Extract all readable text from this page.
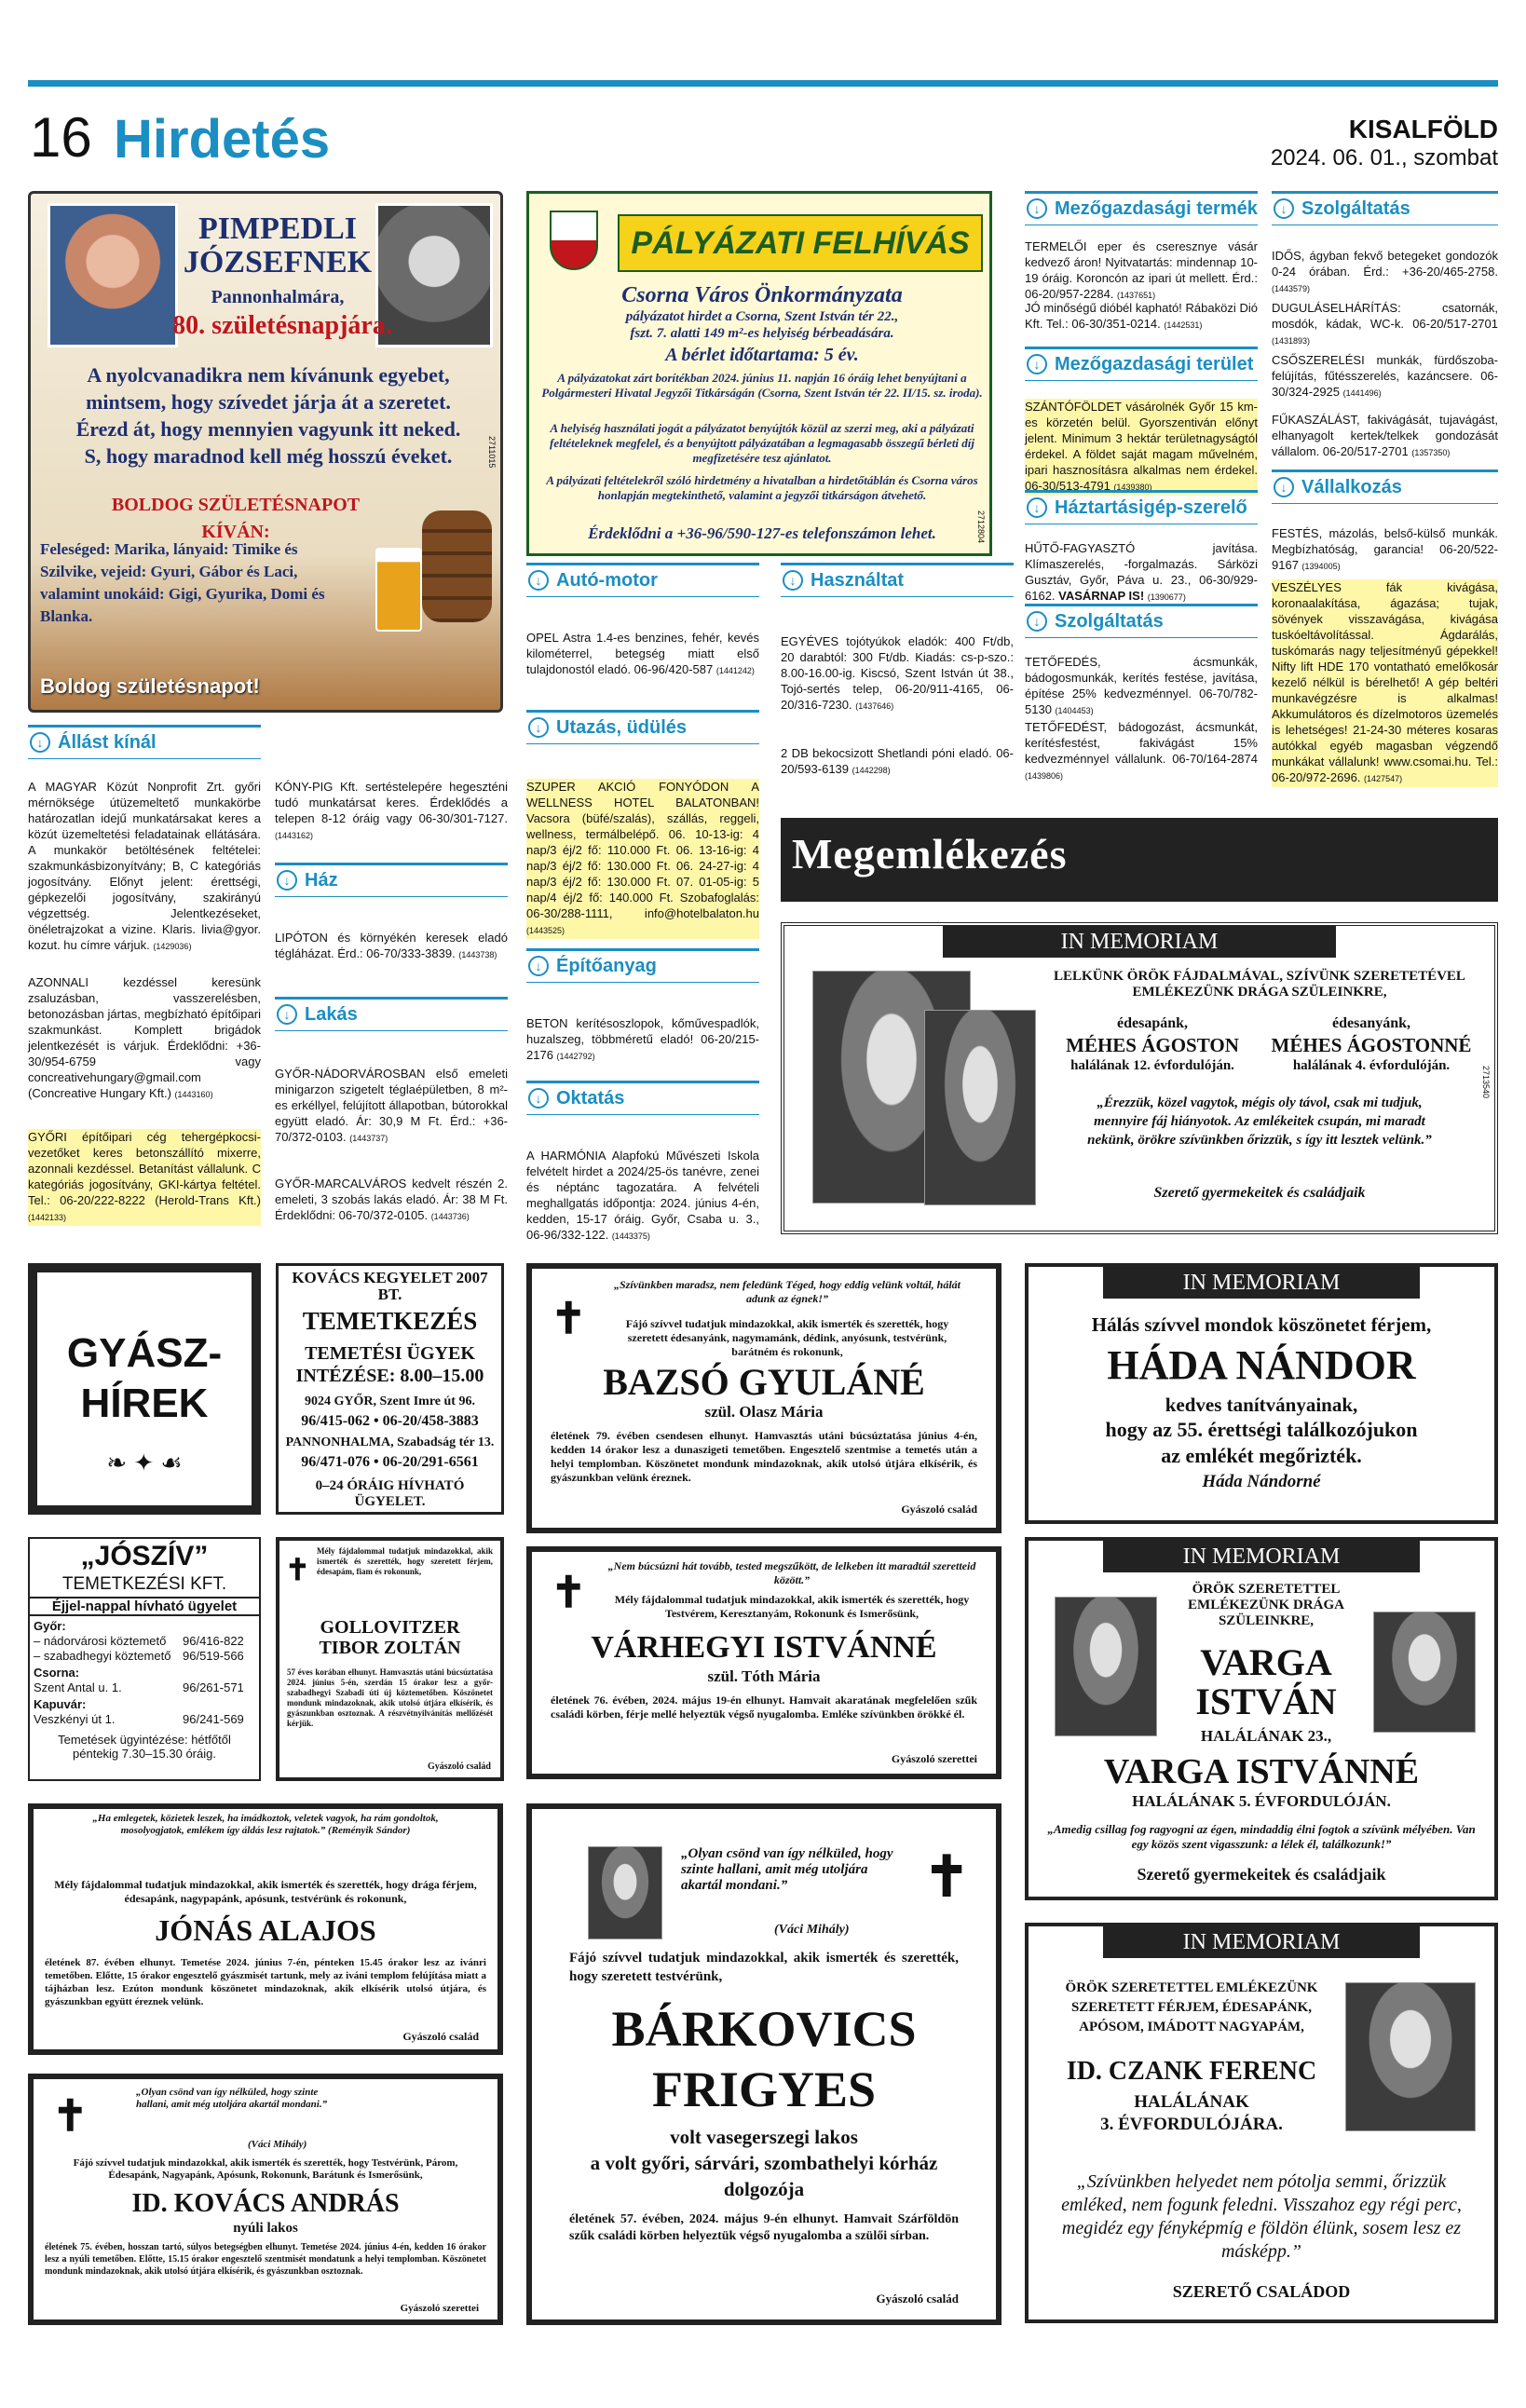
16 Hirdetés	KISALFÖLD
2024. 06. 01., szombat
PIMPEDLI JÓZSEFNEK
Pannonhalmára,
80. születésnapjára.
A nyolcvanadikra nem kívánunk egyebet,
mintsem, hogy szívedet járja át a szeretet.
Érezd át, hogy mennyien vagyunk itt neked.
S, hogy maradnod kell még hosszú éveket.
BOLDOG SZÜLETÉSNAPOT KÍVÁN:
Feleséged: Marika, lányaid: Timike és Szilvike, vejeid: Gyuri, Gábor és Laci, valamint unokáid: Gigi, Gyurika, Domi és Blanka.
Boldog születésnapot!
2711015
PÁLYÁZATI FELHÍVÁS
Csorna Város Önkormányzata
pályázatot hirdet a Csorna, Szent István tér 22.,
fszt. 7. alatti 149 m²-es helyiség bérbeadására.
A bérlet időtartama: 5 év.
A pályázatokat zárt borítékban 2024. június 11. napján 16 óráig lehet benyújtani a Polgármesteri Hivatal Jegyzői Titkárságán (Csorna, Szent István tér 22. II/15. sz. iroda).
A helyiség használati jogát a pályázatot benyújtók közül az szerzi meg, aki a pályázati feltételeknek megfelel, és a benyújtott pályázatában a legmagasabb összegű bérleti díj megfizetésére tesz ajánlatot.
A pályázati feltételekről szóló hirdetmény a hivatalban a hirdetőtáblán és Csorna város honlapján megtekinthető, valamint a jegyzői titkárságon átvehető.
Érdeklődni a +36-96/590-127-es telefonszámon lehet.	2712804
↓ Állást kínál
A MAGYAR Közút Nonprofit Zrt. győri mérnöksége útüzemeltető munkakörbe határozatlan idejű munkatársakat keres a közút üzemeltetési feladatainak ellátására. A munkakör betöltésének feltételei: szakmunkásbizonyítvány; B, C kategóriás jogosítvány. Előnyt jelent: érettségi, gépkezelői jogosítvány, szakirányú végzettség. Jelentkezéseket, önéletrajzokat a vizine. Klaris. livia@gyor. kozut. hu címre várjuk. (1429036)
AZONNALI kezdéssel keresünk zsaluzásban, vasszerelésben, betonozásban jártas, megbízható építőipari szakmunkást. Komplett brigádok jelentkezését is várjuk. Érdeklődni: +36-30/954-6759 vagy concreativehungary@gmail.com (Concreative Hungary Kft.) (1443160)
GYŐRI építőipari cég tehergépkocsi-vezetőket keres betonszállító mixerre, azonnali kezdéssel. Betanítást vállalunk. C kategóriás jogosítvány, GKI-kártya feltétel. Tel.: 06-20/222-8222 (Herold-Trans Kft.) (1442133)
KÓNY-PIG Kft. sertéstelepére hegeszténi tudó munkatársat keres. Érdeklődés a telepen 8-12 óráig vagy 06-30/301-7127. (1443162)
↓ Ház
LIPÓTON és környékén keresek eladó tégláházat. Érd.: 06-70/333-3839. (1443738)
↓ Lakás
GYŐR-NÁDORVÁROSBAN első emeleti minigarzon szigetelt téglaépületben, 8 m²-es erkéllyel, felújított állapotban, bútorokkal együtt eladó. Ár: 30,9 M Ft. Érd.: +36-70/372-0103. (1443737)
GYŐR-MARCALVÁROS kedvelt részén 2. emeleti, 3 szobás lakás eladó. Ár: 38 M Ft. Érdeklődni: 06-70/372-0105. (1443736)
↓ Autó-motor
OPEL Astra 1.4-es benzines, fehér, kevés kilométerrel, betegség miatt első tulajdonostól eladó. 06-96/420-587 (1441242)
↓ Utazás, üdülés
SZUPER AKCIÓ FONYÓDON A WELLNESS HOTEL BALATONBAN! Vacsora (büfé/szalás), szállás, reggeli, wellness, termálbelépő. 06. 10-13-ig: 4 nap/3 éj/2 fő: 110.000 Ft. 06. 13-16-ig: 4 nap/3 éj/2 fő: 130.000 Ft. 06. 24-27-ig: 4 nap/3 éj/2 fő: 130.000 Ft. 07. 01-05-ig: 5 nap/4 éj/2 fő: 140.000 Ft. Szobafoglalás: 06-30/288-1111, info@hotelbalaton.hu (1443525)
↓ Építőanyag
BETON kerítésoszlopok, kőművespadlók, huzalszeg, többméretű eladó! 06-20/215-2176 (1442792)
↓ Oktatás
A HARMÓNIA Alapfokú Művészeti Iskola felvételt hirdet a 2024/25-ös tanévre, zenei és néptánc tagozatára. A felvételi meghallgatás időpontja: 2024. június 4-én, kedden, 15-17 óráig. Győr, Csaba u. 3., 06-96/332-122. (1443375)
↓ Használtat
EGYÉVES tojótyúkok eladók: 400 Ft/db, 20 darabtól: 300 Ft/db. Kiadás: cs-p-szo.: 8.00-16.00-ig. Kiscsó, Szent István út 38., Tojó-sertés telep, 06-20/911-4165, 06-20/316-7230. (1437646)
2 DB bekocsizott Shetlandi póni eladó. 06-20/593-6139 (1442298)
↓ Mezőgazdasági termék
TERMELŐI eper és cseresznye vásár kedvező áron! Nyitvatartás: mindennap 10-19 óráig. Koroncón az ipari út mellett. Érd.: 06-20/957-2284. (1437651)
JÓ minőségű dióbél kapható! Rábaközi Dió Kft. Tel.: 06-30/351-0214. (1442531)
↓ Mezőgazdasági terület
SZÁNTÓFÖLDET vásárolnék Győr 15 km-es körzetén belül. Gyorszentiván előnyt jelent. Minimum 3 hektár területnagyságtól érdekel. A földet saját magam művelném, ipari hasznosításra alkalmas nem érdekel. 06-30/513-4791 (1439380)
↓ Háztartásigép-szerelő
HŰTŐ-FAGYASZTÓ javítása. Klímaszerelés, -forgalmazás. Sárközi Gusztáv, Győr, Páva u. 23., 06-30/929-6162. VASÁRNAP IS! (1390677)
↓ Szolgáltatás
TETŐFEDÉS, ácsmunkák, bádogosmunkák, kerítés festése, javítása, építése 25% kedvezménnyel. 06-70/782-5130 (1404453)
TETŐFEDÉST, bádogozást, ácsmunkát, kerítésfestést, fakivágást 15% kedvezménnyel vállalunk. 06-70/164-2874 (1439806)
↓ Szolgáltatás
IDŐS, ágyban fekvő betegeket gondozók 0-24 órában. Érd.: +36-20/465-2758. (1443579)
DUGULÁSELHÁRÍTÁS: csatornák, mosdók, kádak, WC-k. 06-20/517-2701 (1431893)
CSŐSZERELÉSI munkák, fürdőszoba-felújítás, fűtésszerelés, kazáncsere. 06-30/324-2925 (1441496)
FŰKASZÁLÁST, fakivágását, tujavágást, elhanyagolt kertek/telkek gondozását vállalom. 06-20/517-2701 (1357350)
↓ Vállalkozás
FESTÉS, mázolás, belső-külső munkák. Megbízhatóság, garancia! 06-20/522-9167 (1394005)
VESZÉLYES fák kivágása, koronaalakítása, ágazása; tujak, sövények visszavágása, kivágása tuskóeltávolítással. Ágdarálás, tuskómarás nagy teljesítményű gépekkel! Nifty lift HDE 170 vontatható emelőkosár kezelő nélkül is bérelhető! A gép beltéri munkavégzésre is alkalmas! Akkumulátoros és dízelmotoros üzemelés is lehetséges! 21-24-30 méteres kosaras autókkal egyéb magasban végzendő munkákat vállalunk! www.csomai.hu. Tel.: 06-20/972-2696. (1427547)
Megemlékezés
IN MEMORIAM
LELKÜNK ÖRÖK FÁJDALMÁVAL, SZÍVÜNK SZERETETÉVEL EMLÉKEZÜNK DRÁGA SZÜLEINKRE,
édesapánk,
MÉHES ÁGOSTON
halálának 12. évfordulóján.
édesanyánk,
MÉHES ÁGOSTONNÉ
halálának 4. évfordulóján.
„Érezzük, közel vagytok, mégis oly távol, csak mi tudjuk, mennyire fáj hiányotok. Az emlékeitek csupán, mi maradt nekünk, örökre szívünkben őrizzük, s így itt lesztek velünk.”
Szerető gyermekeitek és családjaik
2713540
GYÁSZ-HÍREK
❧ ✦ ☙
KOVÁCS KEGYELET 2007 BT.
TEMETKEZÉS
TEMETÉSI ÜGYEK INTÉZÉSE: 8.00–15.00
9024 GYŐR, Szent Imre út 96.
96/415-062 • 06-20/458-3883
PANNONHALMA, Szabadság tér 13.
96/471-076 • 06-20/291-6561
0–24 ÓRÁIG HÍVHATÓ ÜGYELET.
✝
„Szívünkben maradsz, nem feledünk Téged, hogy eddig velünk voltál, hálát adunk az égnek!”
Fájó szívvel tudatjuk mindazokkal, akik ismerték és szerették, hogy szeretett édesanyánk, nagymamánk, dédink, anyósunk, testvérünk, barátném és rokonunk,
BAZSÓ GYULÁNÉ
szül. Olasz Mária
életének 79. évében csendesen elhunyt. Hamvasztás utáni búcsúztatása június 4-én, kedden 14 órakor lesz a dunaszigeti temetőben. Engesztelő szentmise a temetés után a helyi templomban. Köszönetet mondunk mindazoknak, akik utolsó útjára elkísérik, és gyászunkban velünk éreznek.
Gyászoló család
IN MEMORIAM
Hálás szívvel mondok köszönetet férjem,
HÁDA NÁNDOR
kedves tanítványainak,
hogy az 55. érettségi találkozójukon
az emlékét megőrizték.
Háda Nándorné
„JÓSZÍV”
TEMETKEZÉSI KFT.
Éjjel-nappal hívható ügyelet
Győr:
– nádorvárosi köztemető 96/416-822
– szabadhegyi köztemető 96/519-566
Csorna:
Szent Antal u. 1.	96/261-571
Kapuvár:
Veszkényi út 1.	96/241-569
Temetések ügyintézése: hétfőtől péntekig 7.30–15.30 óráig.
✝
Mély fájdalommal tudatjuk mindazokkal, akik ismerték és szerették, hogy szeretett férjem, édesapám, fiam és rokonunk,
GOLLOVITZER TIBOR ZOLTÁN
57 éves korában elhunyt. Hamvasztás utáni búcsúztatása 2024. június 5-én, szerdán 15 órakor lesz a győr-szabadhegyi Szabadi úti új köztemetőben. Köszönetet mondunk mindazoknak, akik utolsó útjára elkísérik, és gyászunkban osztoznak. A részvétnyilvánítás mellőzését kérjük.
Gyászoló család
✝
„Nem búcsúzni hát tovább, tested megszűkött, de lelkeben itt maradtál szeretteid között.”
Mély fájdalommal tudatjuk mindazokkal, akik ismerték és szerették, hogy Testvérem, Keresztanyám, Rokonunk és Ismerősünk,
VÁRHEGYI ISTVÁNNÉ
szül. Tóth Mária
életének 76. évében, 2024. május 19-én elhunyt. Hamvait akaratának megfelelően szűk családi körben, férje mellé helyeztük végső nyugalomba. Emléke szívünkben örökké él.
Gyászoló szerettei
IN MEMORIAM
ÖRÖK SZERETETTEL EMLÉKEZÜNK DRÁGA SZÜLEINKRE,
VARGA ISTVÁN
HALÁLÁNAK 23.,
VARGA ISTVÁNNÉ
HALÁLÁNAK 5. ÉVFORDULÓJÁN.
„Amedig csillag fog ragyogni az égen, mindaddig élni fogtok a szívünk mélyében. Van egy közös szent vigasszunk: a lélek él, találkozunk!”
Szerető gyermekeitek és családjaik
„Ha emlegetek, közietek leszek, ha imádkoztok, veletek vagyok, ha rám gondoltok, mosolyogjatok, emlékem így áldás lesz rajtatok.” (Reményik Sándor)
Mély fájdalommal tudatjuk mindazokkal, akik ismerték és szerették, hogy drága férjem, édesapánk, nagypapánk, apósunk, testvérünk és rokonunk,
JÓNÁS ALAJOS
életének 87. évében elhunyt. Temetése 2024. június 7-én, pénteken 15.45 órakor lesz az ivánri temetőben. Előtte, 15 órakor engesztelő gyászmisét tartunk, mely az iváni templom felújítása miatt a tájházban lesz. Ezúton mondunk köszönetet mindazoknak, akik elkísérik utolsó útjára, és gyászunkban együtt éreznek velünk.
Gyászoló család
✝
„Olyan csönd van így nélküled, hogy szinte hallani, amit még utoljára akartál mondani.”
(Váci Mihály)
Fájó szívvel tudatjuk mindazokkal, akik ismerték és szerették, hogy szeretett testvérünk,
BÁRKOVICS
FRIGYES
volt vasegerszegi lakos
a volt győri, sárvári, szombathelyi kórház
dolgozója
életének 57. évében, 2024. május 9-én elhunyt. Hamvait Szárföldön szűk családi körben helyeztük végső nyugalomba a szülői sírban.
Gyászoló család
IN MEMORIAM
ÖRÖK SZERETETTEL EMLÉKEZÜNK SZERETETT FÉRJEM, ÉDESAPÁNK, APÓSOM, IMÁDOTT NAGYAPÁM,
ID. CZANK FERENC
HALÁLÁNAK
3. ÉVFORDULÓJÁRA.
„Szívünkben helyedet nem pótolja semmi, őrizzük emléked, nem fogunk feledni. Visszahoz egy régi perc, megidéz egy fényképmíg e földön élünk, sosem lesz ez másképp.”
SZERETŐ CSALÁDOD
✝	„Olyan csönd van így nélküled, hogy szinte hallani, amit még utoljára akartál mondani.”
(Váci Mihály)
Fájó szívvel tudatjuk mindazokkal, akik ismerték és szerették, hogy Testvérünk, Párom, Édesapánk, Nagyapánk, Apósunk, Rokonunk, Barátunk és Ismerősünk,
ID. KOVÁCS ANDRÁS
nyúli lakos
életének 75. évében, hosszan tartó, súlyos betegségben elhunyt. Temetése 2024. június 4-én, kedden 16 órakor lesz a nyúli temetőben. Előtte, 15.15 órakor engesztelő szentmisét mondatunk a helyi templomban. Köszönetet mondunk mindazoknak, akik utolsó útjára elkísérik, és gyászunkban osztoznak.
Gyászoló szerettei
